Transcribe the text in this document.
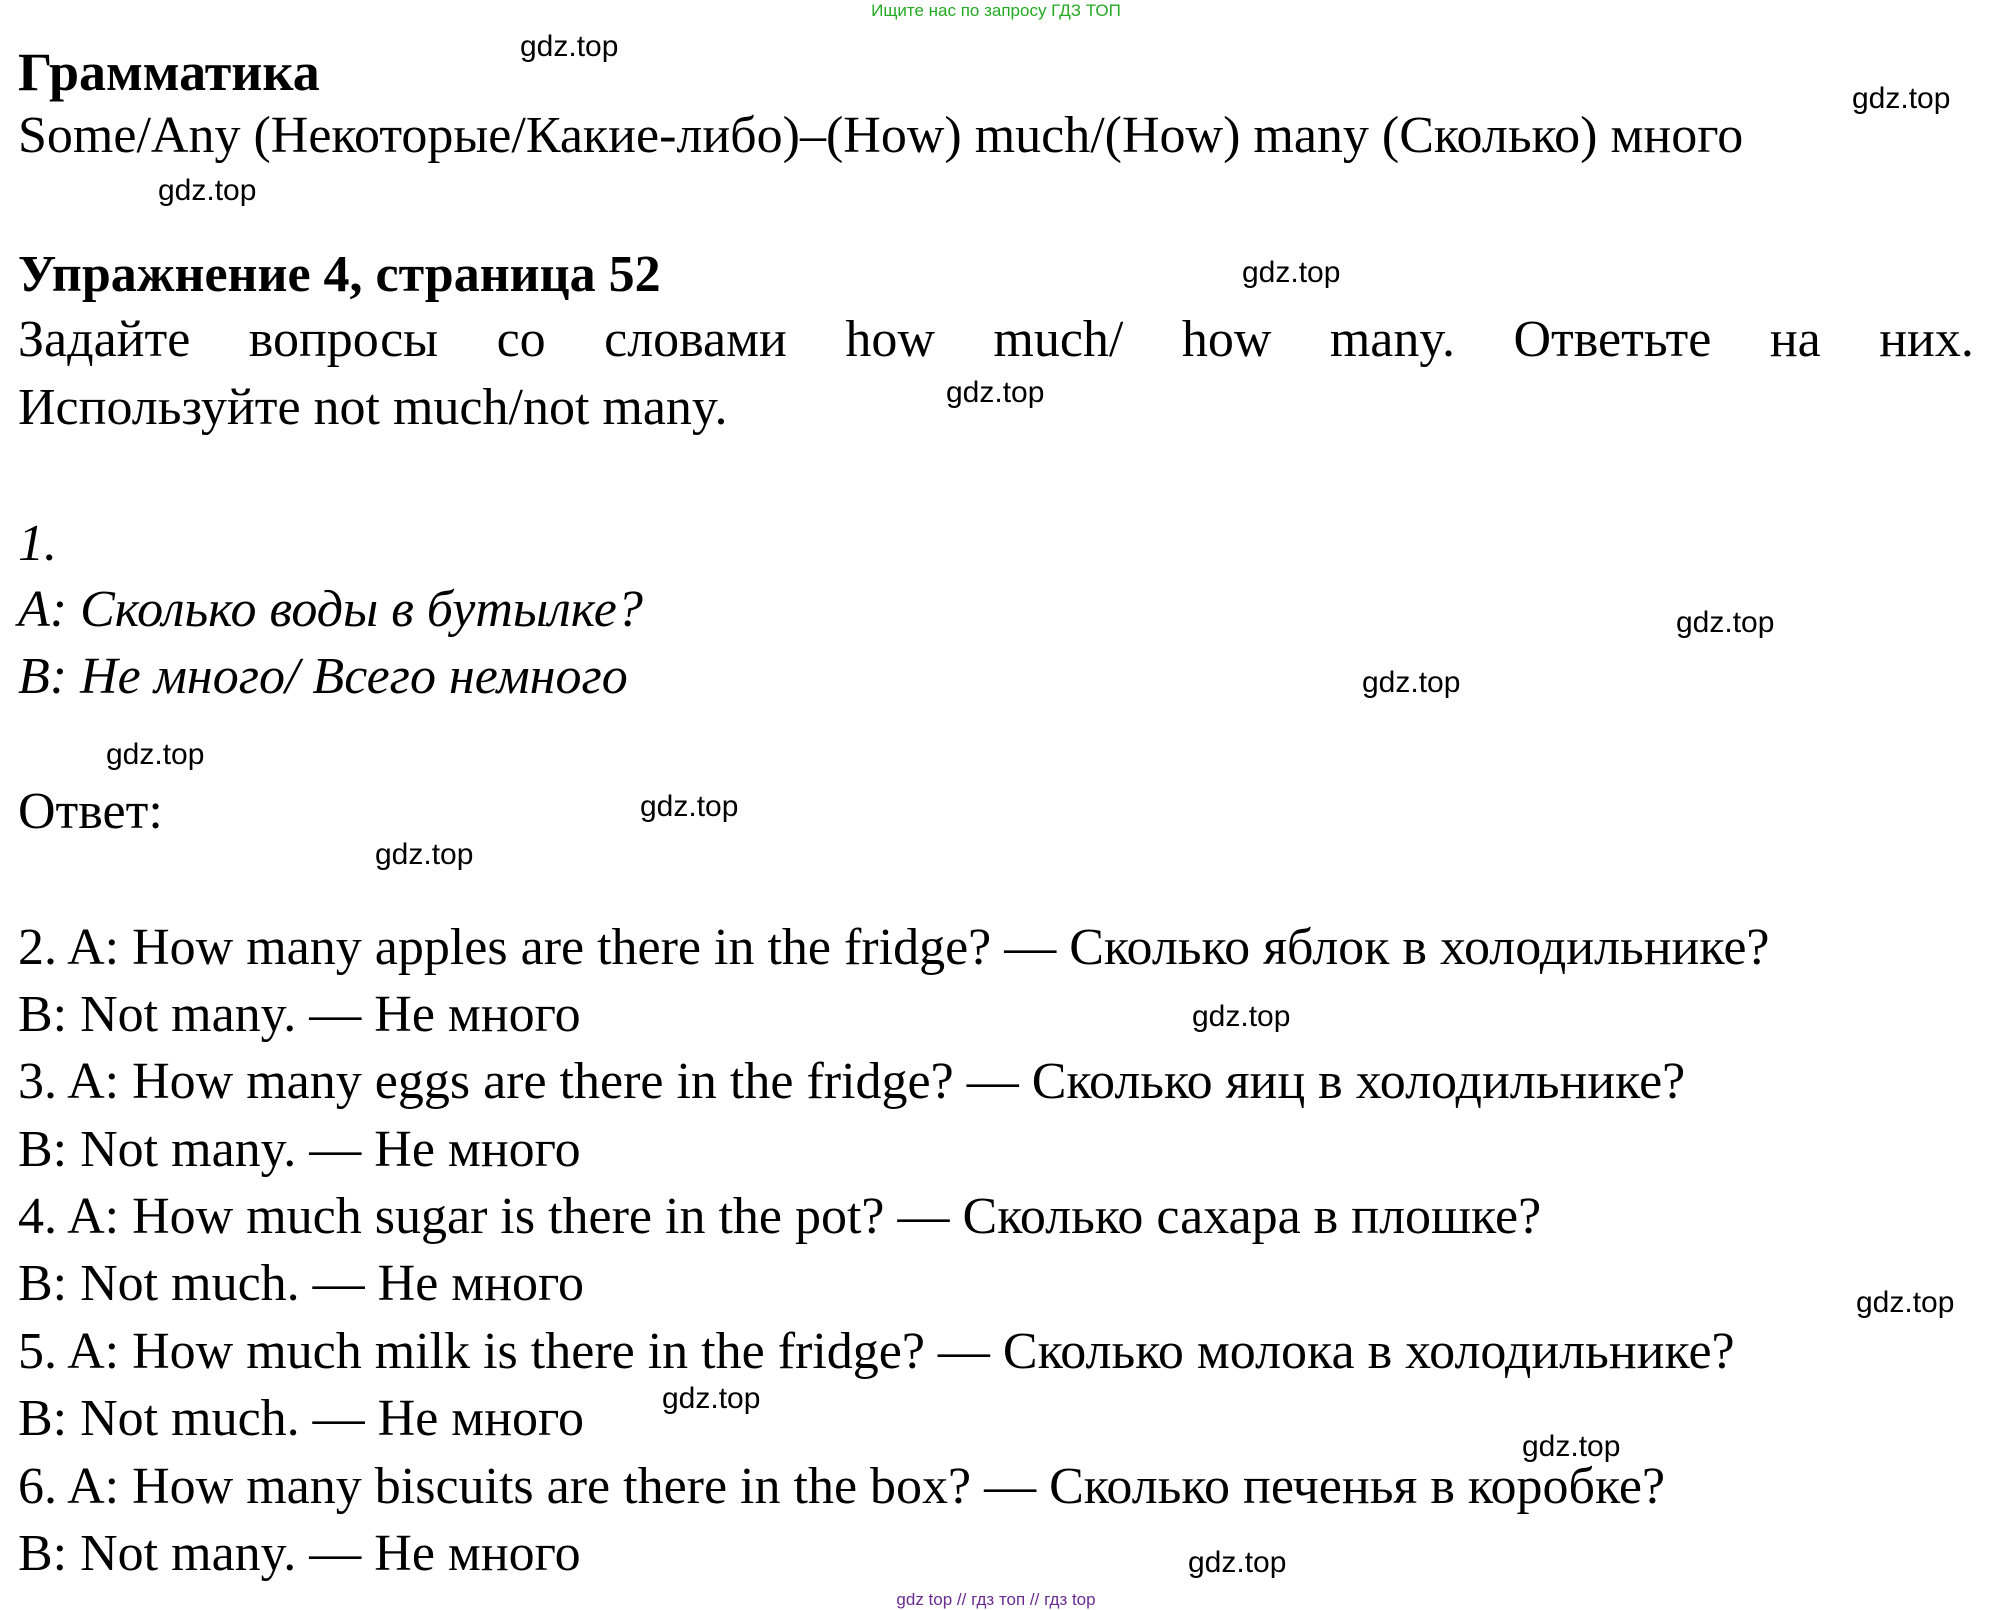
Ищите нас по запросу ГДЗ ТОП
Грамматика
Some/Any (Некоторые/Какие-либо)–(How) much/(How) many (Сколько) много
Упражнение 4, страница 52
Задайте вопросы со словами how much/ how many. Ответьте на них.
Используйте not much/not many.
1.
A: Сколько воды в бутылке?
B: Не много/ Всего немного
Ответ:
2. A: How many apples are there in the fridge? — Сколько яблок в холодильнике?
B: Not many. — Не много
3. A: How many eggs are there in the fridge? — Сколько яиц в холодильнике?
B: Not many. — Не много
4. A: How much sugar is there in the pot? — Сколько сахара в плошке?
B: Not much. — Не много
5. A: How much milk is there in the fridge? — Сколько молока в холодильнике?
B: Not much. — Не много
6. A: How many biscuits are there in the box? — Сколько печенья в коробке?
B: Not many. — Не много
gdz.top
gdz.top
gdz.top
gdz.top
gdz.top
gdz.top
gdz.top
gdz.top
gdz.top
gdz.top
gdz.top
gdz.top
gdz.top
gdz.top
gdz.top
gdz top // гдз топ // гдз top
